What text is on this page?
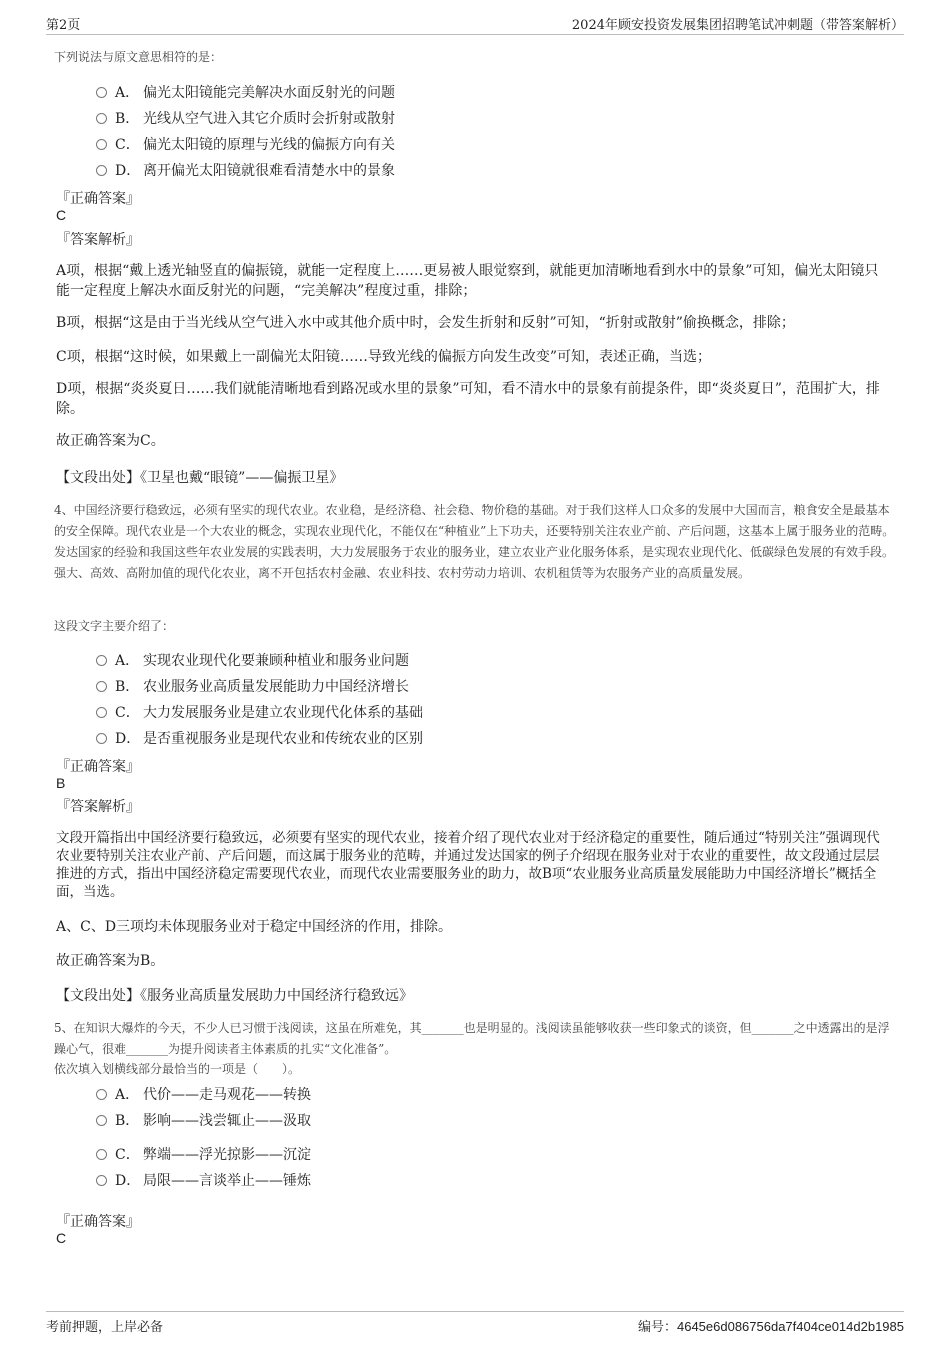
第2页	2024年顾安投资发展集团招聘笔试冲刺题（带答案解析）
下列说法与原文意思相符的是：
A． 偏光太阳镜能完美解决水面反射光的问题
B． 光线从空气进入其它介质时会折射或散射
C． 偏光太阳镜的原理与光线的偏振方向有关
D． 离开偏光太阳镜就很难看清楚水中的景象
『正确答案』
C
『答案解析』
A项，根据“戴上透光轴竖直的偏振镜，就能一定程度上……更易被人眼觉察到，就能更加清晰地看到水中的景象”可知，偏光太阳镜只能一定程度上解决水面反射光的问题，“完美解决”程度过重，排除；
B项，根据“这是由于当光线从空气进入水中或其他介质中时，会发生折射和反射”可知，“折射或散射”偷换概念，排除；
C项，根据“这时候，如果戴上一副偏光太阳镜……导致光线的偏振方向发生改变”可知，表述正确，当选；
D项，根据“炎炎夏日……我们就能清晰地看到路况或水里的景象”可知，看不清水中的景象有前提条件，即“炎炎夏日”，范围扩大，排除。
故正确答案为C。
【文段出处】《卫星也戴“眼镜”——偏振卫星》
4、中国经济要行稳致远，必须有坚实的现代农业。农业稳，是经济稳、社会稳、物价稳的基础。对于我们这样人口众多的发展中大国而言，粮食安全是最基本的安全保障。现代农业是一个大农业的概念，实现农业现代化，不能仅在“种植业”上下功夫，还要特别关注农业产前、产后问题，这基本上属于服务业的范畴。发达国家的经验和我国这些年农业发展的实践表明，大力发展服务于农业的服务业，建立农业产业化服务体系，是实现农业现代化、低碳绿色发展的有效手段。强大、高效、高附加值的现代化农业，离不开包括农村金融、农业科技、农村劳动力培训、农机租赁等为农服务产业的高质量发展。
这段文字主要介绍了：
A． 实现农业现代化要兼顾种植业和服务业问题
B． 农业服务业高质量发展能助力中国经济增长
C． 大力发展服务业是建立农业现代化体系的基础
D． 是否重视服务业是现代农业和传统农业的区别
『正确答案』
B
『答案解析』
文段开篇指出中国经济要行稳致远，必须要有坚实的现代农业，接着介绍了现代农业对于经济稳定的重要性，随后通过“特别关注”强调现代农业要特别关注农业产前、产后问题，而这属于服务业的范畴，并通过发达国家的例子介绍现在服务业对于农业的重要性，故文段通过层层推进的方式，指出中国经济稳定需要现代农业，而现代农业需要服务业的助力，故B项“农业服务业高质量发展能助力中国经济增长”概括全面，当选。
A、C、D三项均未体现服务业对于稳定中国经济的作用，排除。
故正确答案为B。
【文段出处】《服务业高质量发展助力中国经济行稳致远》
5、在知识大爆炸的今天，不少人已习惯于浅阅读，这虽在所难免，其_______也是明显的。浅阅读虽能够收获一些印象式的谈资，但_______之中透露出的是浮躁心气，很难_______为提升阅读者主体素质的扎实“文化准备”。
依次填入划横线部分最恰当的一项是（　　）。
A． 代价——走马观花——转换
B． 影响——浅尝辄止——汲取
C． 弊端——浮光掠影——沉淀
D． 局限——言谈举止——锤炼
『正确答案』
C
考前押题，上岸必备	编号：4645e6d086756da7f404ce014d2b1985
